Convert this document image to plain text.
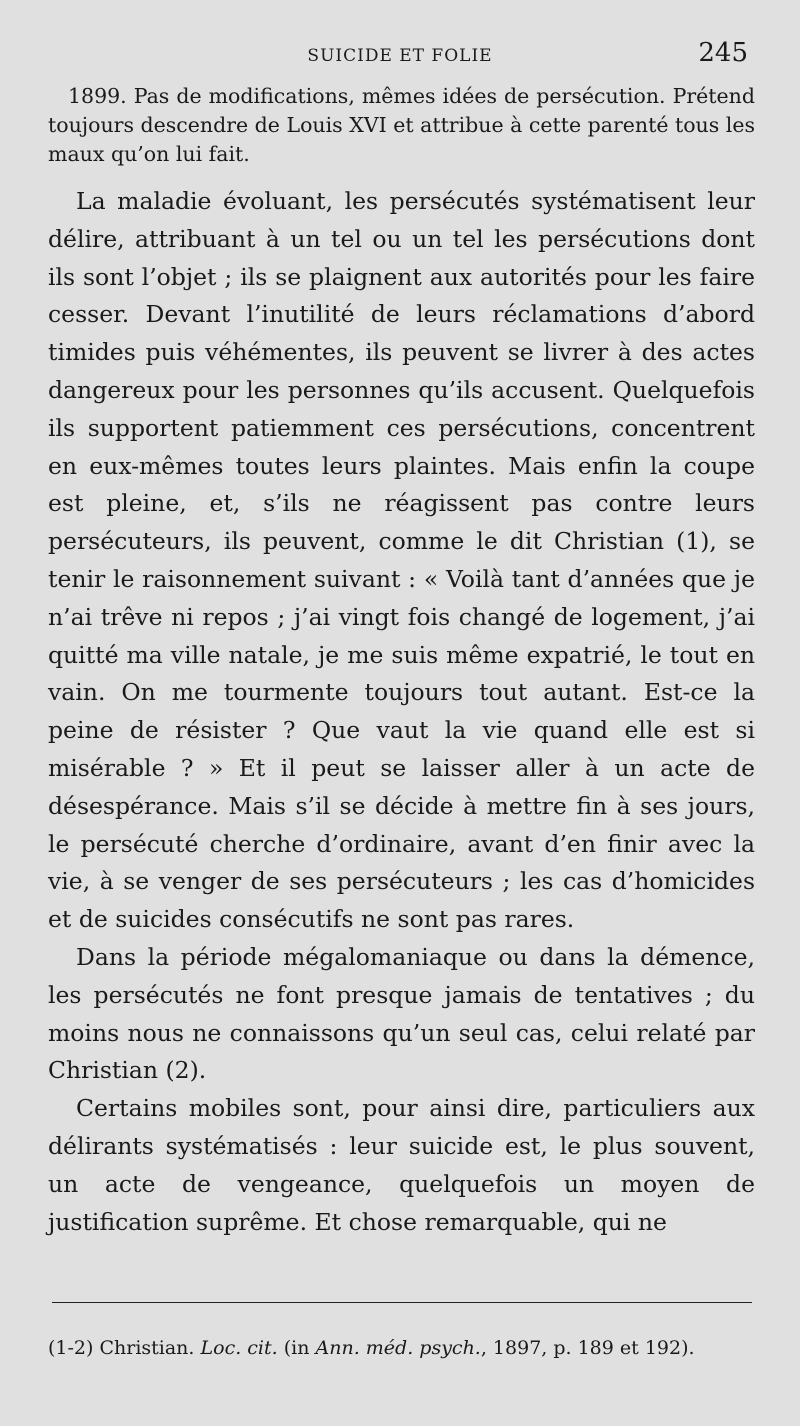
SUICIDE ET FOLIE	245

1899. Pas de modifications, mêmes idées de persécution. Prétend toujours descendre de Louis XVI et attribue à cette parenté tous les maux qu’on lui fait.

La maladie évoluant, les persécutés systématisent leur délire, attribuant à un tel ou un tel les persécutions dont ils sont l’objet ; ils se plaignent aux autorités pour les faire cesser. Devant l’inutilité de leurs réclamations d’abord timides puis véhémentes, ils peuvent se livrer à des actes dangereux pour les personnes qu’ils accusent. Quelquefois ils supportent patiemment ces persécutions, concentrent en eux-mêmes toutes leurs plaintes. Mais enfin la coupe est pleine, et, s’ils ne réagissent pas contre leurs persécuteurs, ils peuvent, comme le dit Christian (1), se tenir le raisonnement suivant : « Voilà tant d’années que je n’ai trêve ni repos ; j’ai vingt fois changé de logement, j’ai quitté ma ville natale, je me suis même expatrié, le tout en vain. On me tourmente toujours tout autant. Est-ce la peine de résister ? Que vaut la vie quand elle est si misérable ? » Et il peut se laisser aller à un acte de désespérance. Mais s’il se décide à mettre fin à ses jours, le persécuté cherche d’ordinaire, avant d’en finir avec la vie, à se venger de ses persécuteurs ; les cas d’homicides et de suicides consécutifs ne sont pas rares.

Dans la période mégalomaniaque ou dans la démence, les persécutés ne font presque jamais de tentatives ; du moins nous ne connaissons qu’un seul cas, celui relaté par Christian (2).

Certains mobiles sont, pour ainsi dire, particuliers aux délirants systématisés : leur suicide est, le plus souvent, un acte de vengeance, quelquefois un moyen de justification suprême. Et chose remarquable, qui ne

(1-2) Christian. Loc. cit. (in Ann. méd. psych., 1897, p. 189 et 192).
